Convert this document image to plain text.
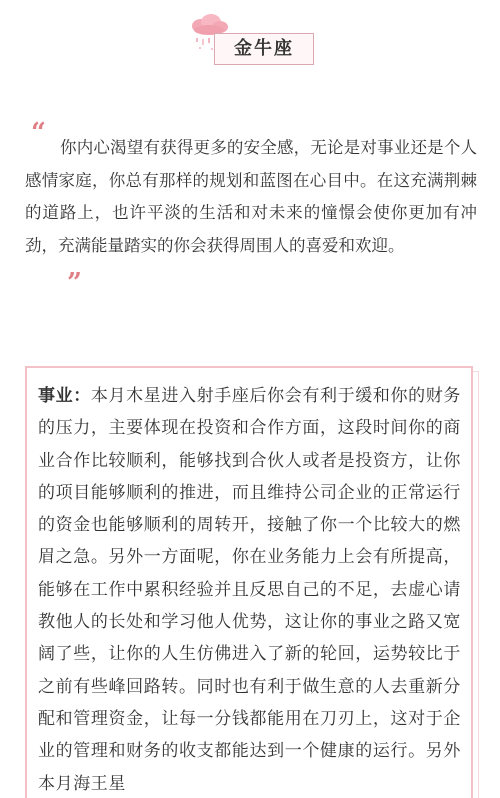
金牛座
“ 你内心渴望有获得更多的安全感，无论是对事业还是个人感情家庭，你总有那样的规划和蓝图在心目中。在这充满荆棘的道路上，也许平淡的生活和对未来的憧憬会使你更加有冲劲，充满能量踏实的你会获得周围人的喜爱和欢迎。
”
事业：本月木星进入射手座后你会有利于缓和你的财务的压力，主要体现在投资和合作方面，这段时间你的商业合作比较顺利，能够找到合伙人或者是投资方，让你的项目能够顺利的推进，而且维持公司企业的正常运行的资金也能够顺利的周转开，接触了你一个比较大的燃眉之急。另外一方面呢，你在业务能力上会有所提高，能够在工作中累积经验并且反思自己的不足，去虚心请教他人的长处和学习他人优势，这让你的事业之路又宽阔了些，让你的人生仿佛进入了新的轮回，运势较比于之前有些峰回路转。同时也有利于做生意的人去重新分配和管理资金，让每一分钱都能用在刀刃上，这对于企业的管理和财务的收支都能达到一个健康的运行。另外本月海王星
